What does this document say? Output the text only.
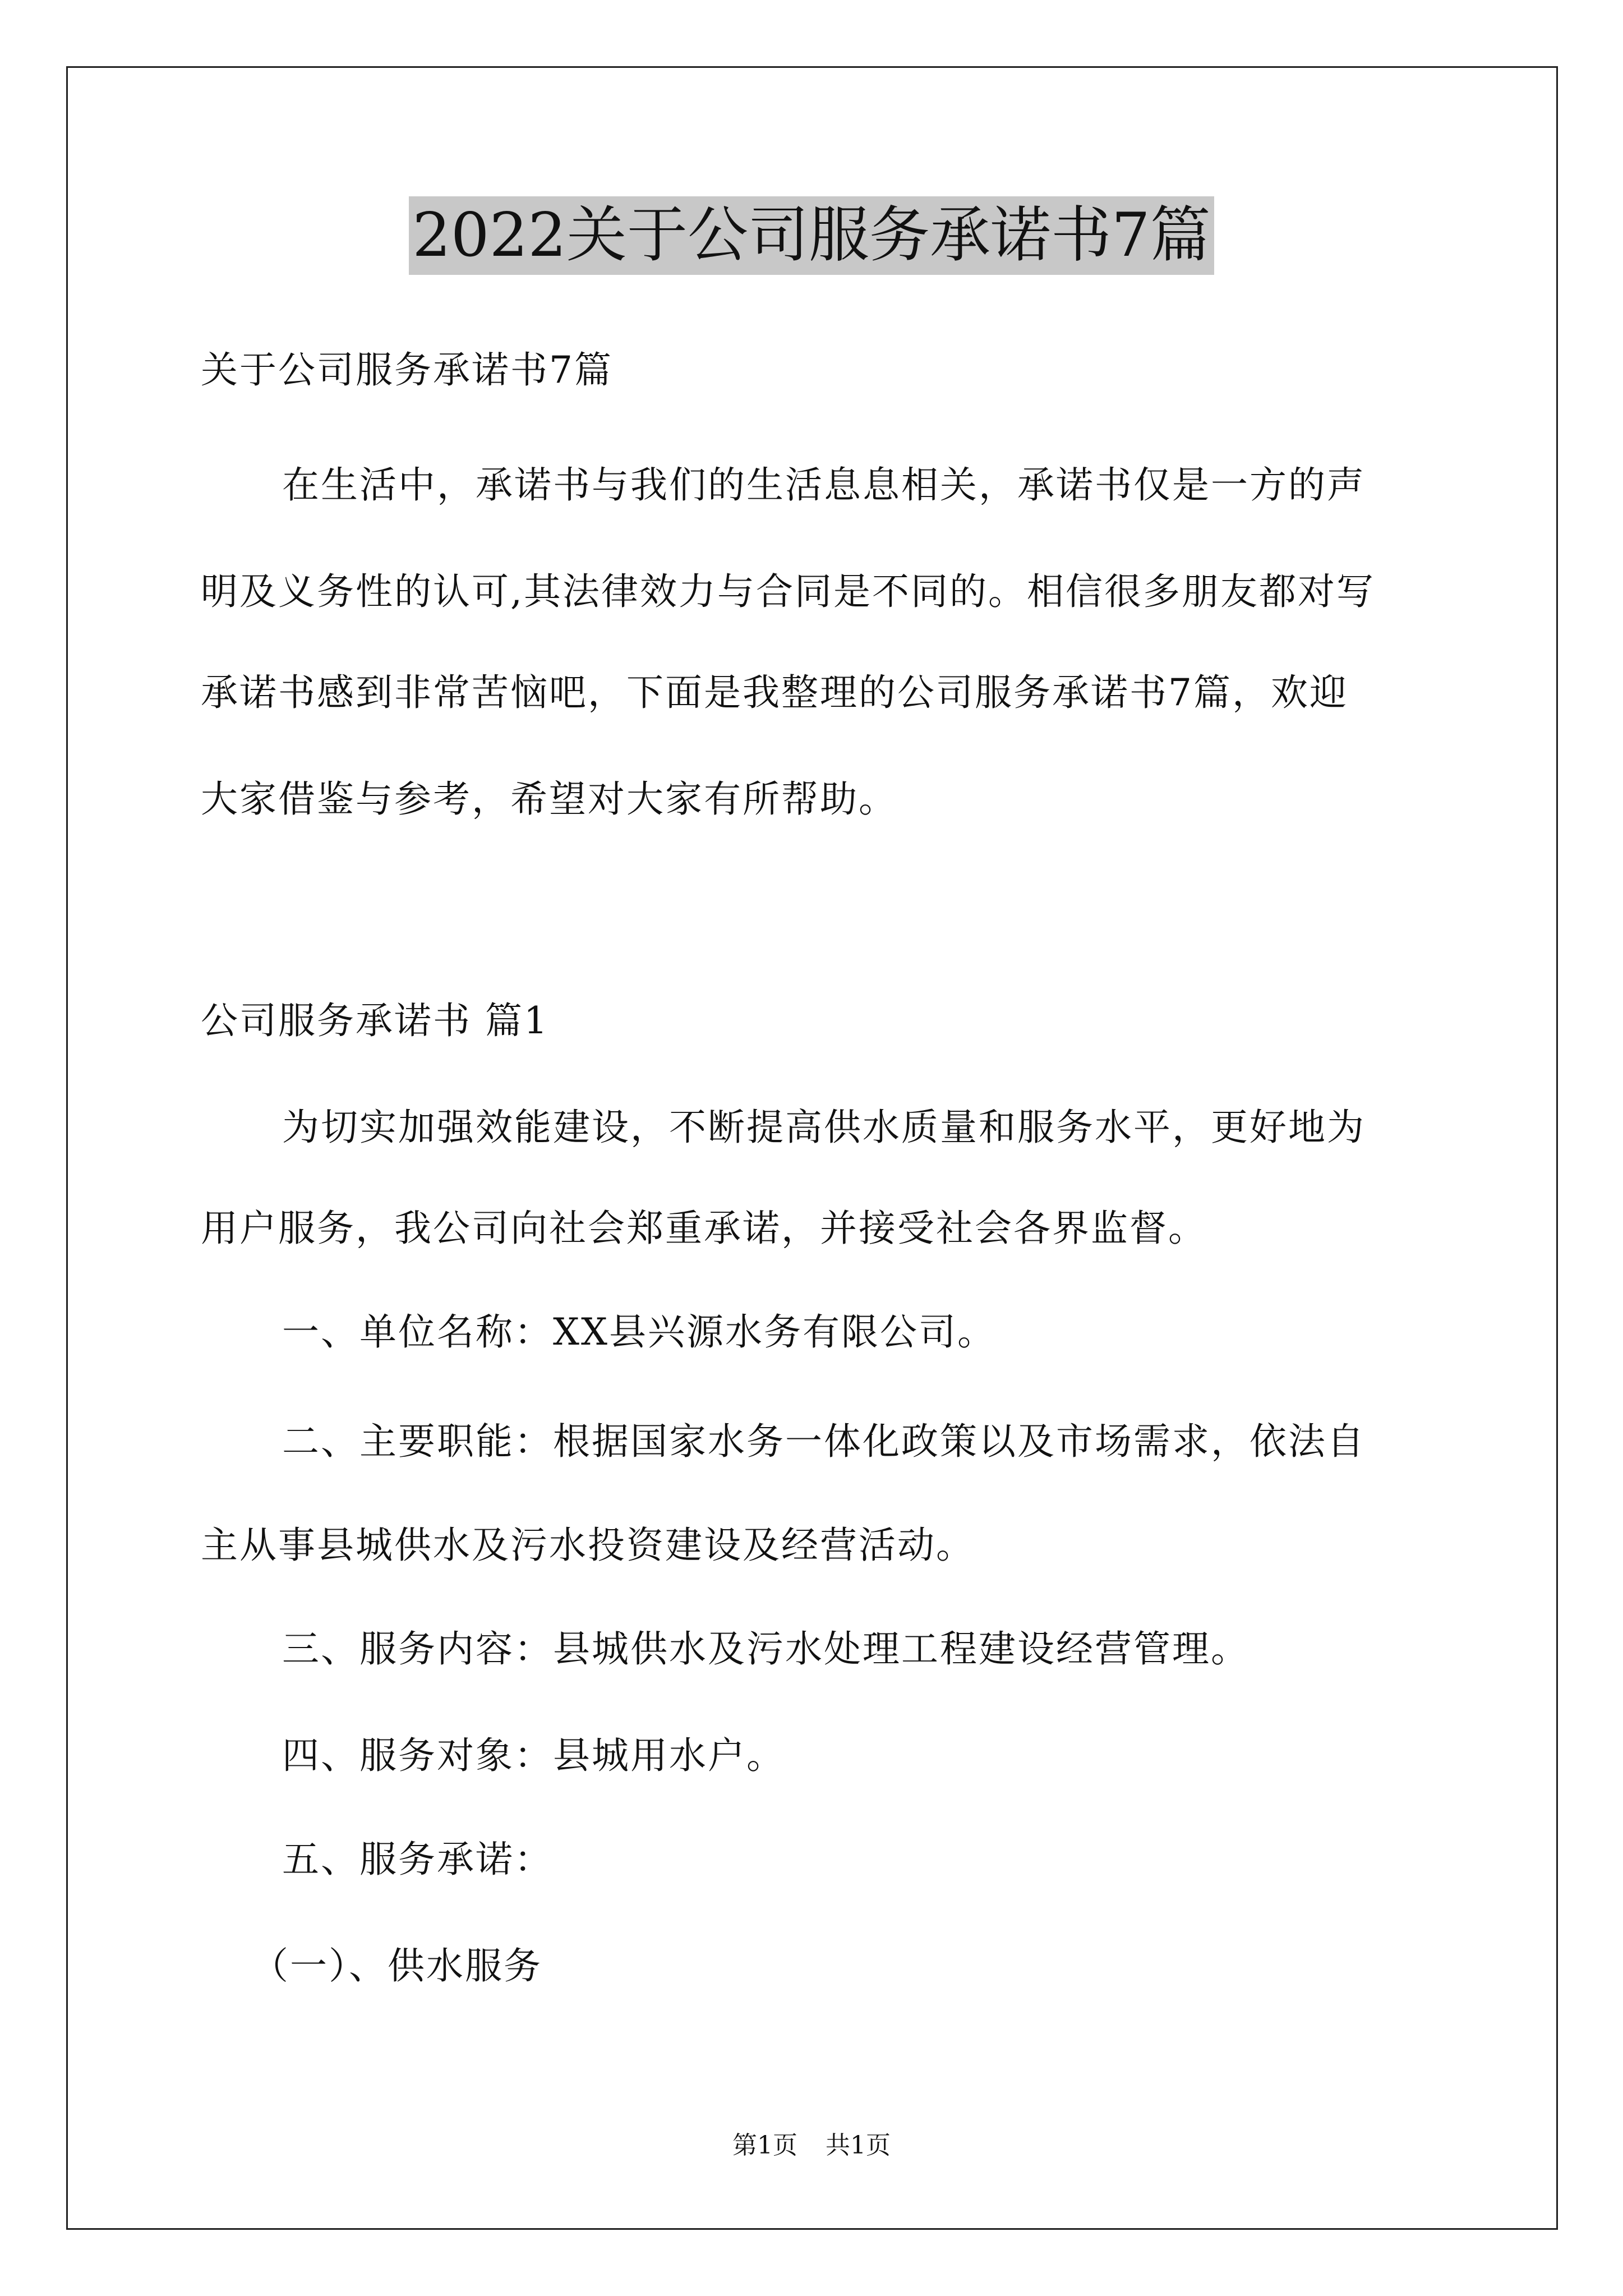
2022关于公司服务承诺书7篇
关于公司服务承诺书7篇
在生活中，承诺书与我们的生活息息相关，承诺书仅是一方的声
明及义务性的认可,其法律效力与合同是不同的。相信很多朋友都对写
承诺书感到非常苦恼吧，下面是我整理的公司服务承诺书7篇，欢迎
大家借鉴与参考，希望对大家有所帮助。
公司服务承诺书 篇1
为切实加强效能建设，不断提高供水质量和服务水平，更好地为
用户服务，我公司向社会郑重承诺，并接受社会各界监督。
一、单位名称：XX县兴源水务有限公司。
二、主要职能：根据国家水务一体化政策以及市场需求，依法自
主从事县城供水及污水投资建设及经营活动。
三、服务内容：县城供水及污水处理工程建设经营管理。
四、服务对象：县城用水户。
五、服务承诺：
（一）、供水服务
第1页 共1页
